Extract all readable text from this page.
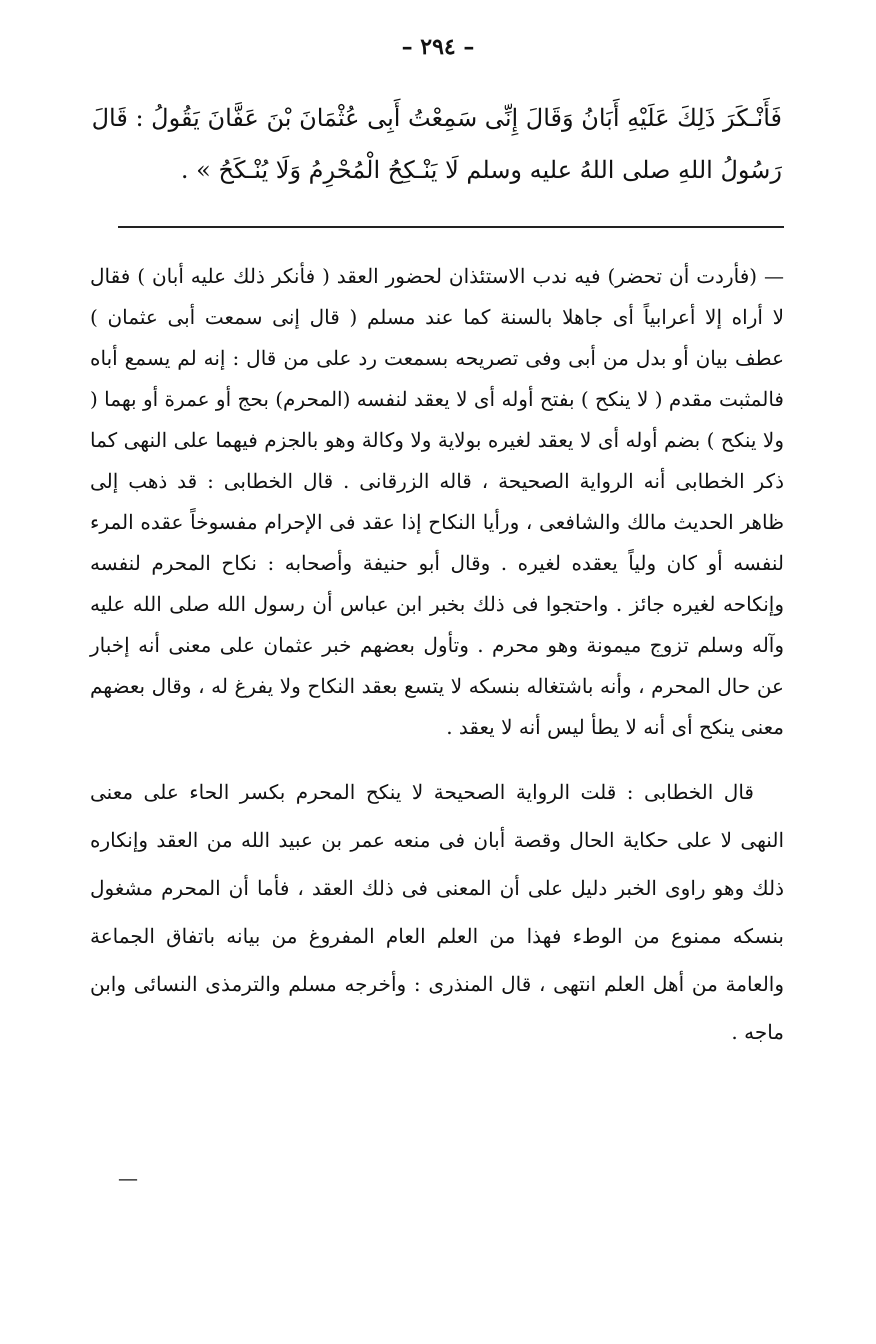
– ٢٩٤ –
فَأَنْـكَرَ ذَلِكَ عَلَيْهِ أَبَانُ وَقَالَ إِنِّى سَمِعْتُ أَبِى عُثْمَانَ بْنَ عَفَّانَ يَقُولُ : قَالَ
رَسُولُ اللهِ صلى اللهُ عليه وسلم لَا يَنْـكِحُ الْمُحْرِمُ وَلَا يُنْـكَحُ » .

— (فأردت أن تحضر) فيه ندب الاستئذان لحضور العقد ( فأنكر ذلك عليه أبان ) فقال لا أراه إلا أعرابياً أى جاهلا بالسنة كما عند مسلم ( قال إنى سمعت أبى عثمان ) عطف بيان أو بدل من أبى وفى تصريحه بسمعت رد على من قال : إنه لم يسمع أباه فالمثبت مقدم ( لا ينكح ) بفتح أوله أى لا يعقد لنفسه (المحرم) بحج أو عمرة أو بهما ( ولا ينكح ) بضم أوله أى لا يعقد لغيره بولاية ولا وكالة وهو بالجزم فيهما على النهى كما ذكر الخطابى أنه الرواية الصحيحة ، قاله الزرقانى . قال الخطابى : قد ذهب إلى ظاهر الحديث مالك والشافعى ، ورأيا النكاح إذا عقد فى الإحرام مفسوخاً عقده المرء لنفسه أو كان ولياً يعقده لغيره . وقال أبو حنيفة وأصحابه : نكاح المحرم لنفسه وإنكاحه لغيره جائز . واحتجوا فى ذلك بخبر ابن عباس أن رسول الله صلى الله عليه وآله وسلم تزوج ميمونة وهو محرم . وتأول بعضهم خبر عثمان على معنى أنه إخبار عن حال المحرم ، وأنه باشتغاله بنسكه لا يتسع بعقد النكاح ولا يفرغ له ، وقال بعضهم معنى ينكح أى أنه لا يطأ ليس أنه لا يعقد .

قال الخطابى : قلت الرواية الصحيحة لا ينكح المحرم بكسر الحاء على معنى النهى لا على حكاية الحال وقصة أبان فى منعه عمر بن عبيد الله من العقد وإنكاره ذلك وهو راوى الخبر دليل على أن المعنى فى ذلك العقد ، فأما أن المحرم مشغول بنسكه ممنوع من الوطء فهذا من العلم العام المفروغ من بيانه باتفاق الجماعة والعامة من أهل العلم انتهى ، قال المنذرى : وأخرجه مسلم والترمذى النسائى وابن ماجه .

—
